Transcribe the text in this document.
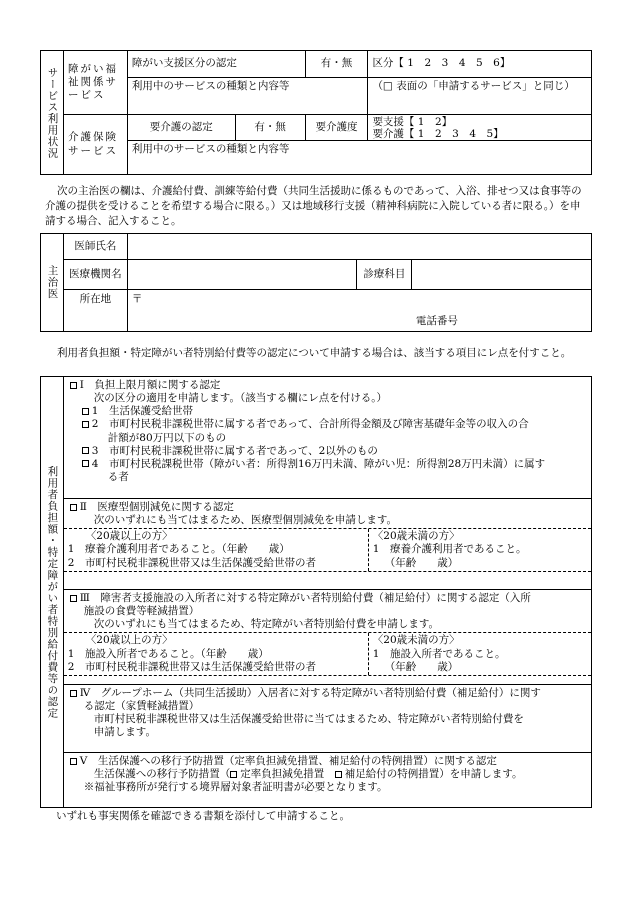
サービス利用状況	障がい福祉関係サービス	障がい支援区分の認定		有・無	区分【 1　2　3　4　5　6】
		利用中のサービスの種類と内容等			（□ 表面の「申請するサービス」と同じ）
	介護保険サービス	要介護の認定	有・無	要介護度	要支援【 1　2】
要介護【 1　2　3　4　5】

		利用中のサービスの種類と内容等			
次の主治医の欄は、介護給付費、訓練等給付費（共同生活援助に係るものであって、入浴、排せつ又は食事等の介護の提供を受けることを希望する場合に限る。）又は地域移行支援（精神科病院に入院している者に限る。）を申請する場合、記入すること。
主治医	医師氏名			
	医療機関名		診療科目	
	所在地	〒
電話番号		
利用者負担額・特定障がい者特別給付費等の認定について申請する場合は、該当する項目にレ点を付すこと。
利用者負担額・特定障がい者特別給付費等の認定	
Ⅰ　負担上限月額に関する認定
次の区分の適用を申請します。（該当する欄にレ点を付ける。）
1　生活保護受給世帯
2　市町村民税非課税世帯に属する者であって、合計所得金額及び障害基礎年金等の収入の合
計額が80万円以下のもの
3　市町村民税非課税世帯に属する者であって、2以外のもの
4　市町村民税課税世帯（障がい者：所得割16万円未満、障がい児：所得割28万円未満）に属す
る者
Ⅱ　医療型個別減免に関する認定
次のいずれにも当てはまるため、医療型個別減免を申請します。
〈20歳以上の方〉
1　療養介護利用者であること。（年齢　　歳）
2　市町村民税非課税世帯又は生活保護受給世帯の者
〈20歳未満の方〉
1　療養介護利用者であること。
（年齢　　歳）
Ⅲ　障害者支援施設の入所者に対する特定障がい者特別給付費（補足給付）に関する認定（入所
施設の食費等軽減措置）
次のいずれにも当てはまるため、特定障がい者特別給付費を申請します。
〈20歳以上の方〉
1　施設入所者であること。（年齢　　歳）
2　市町村民税非課税世帯又は生活保護受給世帯の者
〈20歳未満の方〉
1　施設入所者であること。
（年齢　　歳）
Ⅳ　グループホーム（共同生活援助）入居者に対する特定障がい者特別給付費（補足給付）に関す
る認定（家賃軽減措置）
市町村民税非課税世帯又は生活保護受給世帯に当てはまるため、特定障がい者特別給付費を
申請します。
Ⅴ　生活保護への移行予防措置（定率負担減免措置、補足給付の特例措置）に関する認定
生活保護への移行予防措置（ 定率負担減免措置　補足給付の特例措置）を申請します。
※福祉事務所が発行する境界層対象者証明書が必要となります。
いずれも事実関係を確認できる書類を添付して申請すること。
